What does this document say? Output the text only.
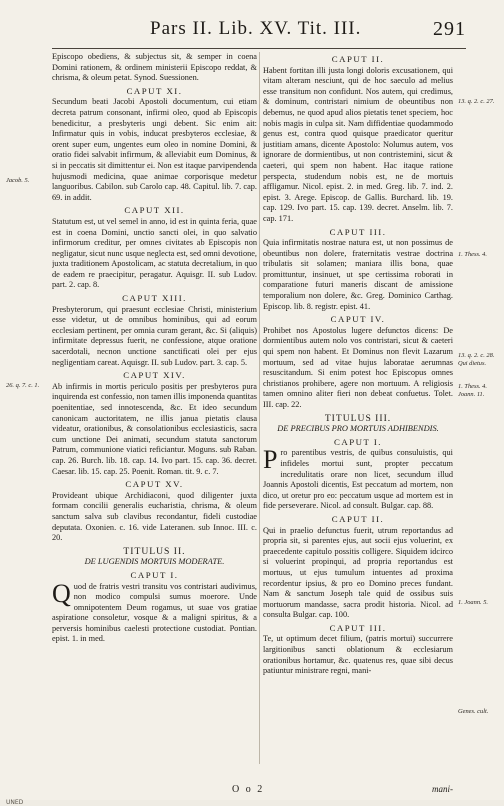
Pars II. Lib. XV. Tit. III.	291
Episcopo obediens, & subjectus sit, & semper in coena Domini rationem, & ordinem ministerii Episcopo reddat, & chrisma, & oleum petat. Synod. Suessionen.
CAPUT XI.
Secundum beati Jacobi Apostoli documentum, cui etiam decreta patrum consonant, infirmi oleo, quod ab Episcopis benedicitur, a presbyteris ungi debent. Sic enim ait: Infirmatur quis in vobis, inducat presbyteros ecclesiae, & orent super eum, ungentes eum oleo in nomine Domini, & oratio fidei salvabit infirmum, & alleviabit eum Dominus, & si in peccatis sit dimittentur ei. Non est itaque parvipendenda hujusmodi medicina, quae animae corporisque medetur languoribus. Cabilon. sub Carolo cap. 48. Capitul. lib. 7. cap. 69. in addit.
CAPUT XII.
Statutum est, ut vel semel in anno, id est in quinta feria, quae est in coena Domini, unctio sancti olei, in quo salvatio infirmorum creditur, per omnes civitates ab Episcopis non negligatur, sicut nunc usque neglecta est, sed omni devotione, juxta traditionem Apostolicam, ac statuta decretalium, in quo de eadem re praecipitur, peragatur. Aquisgr. II. sub Ludov. part. 2. cap. 8.
CAPUT XIII.
Presbyterorum, qui praesunt ecclesiae Christi, ministerium esse videtur, ut de omnibus hominibus, qui ad eorum ecclesiam pertinent, per omnia curam gerant, &c. Si (aliquis) infirmitate depressus fuerit, ne confessione, atque oratione sacerdotali, necnon unctione sanctificati olei per ejus negligentiam careat. Aquisgr. II. sub Ludov. part. 3. cap. 5.
CAPUT XIV.
Ab infirmis in mortis periculo positis per presbyteros pura inquirenda est confessio, non tamen illis imponenda quantitas poenitentiae, sed innotescenda, &c. Et ideo secundum canonicam auctoritatem, ne illis janua pietatis clausa videatur, orationibus, & consolationibus ecclesiasticis, sacra cum unctione Dei animati, secundum statuta sanctorum Patrum, communione viatici reficiantur. Moguns. sub Raban. cap. 26. Burch. lib. 18. cap. 14. Ivo part. 15. cap. 36. decret. Caesar. lib. 15. cap. 25. Poenit. Roman. tit. 9. c. 7.
CAPUT XV.
Provideant ubique Archidiaconi, quod diligenter juxta formam concilii generalis eucharistia, chrisma, & oleum sanctum salva sub clavibus recondantur, fideli custodiae deputata. Oxonien. c. 16. vide Lateranen. sub Innoc. III. c. 20.
TITULUS II.
DE LUGENDIS MORTUIS MODERATE.
CAPUT I.
Quod de fratris vestri transitu vos contristari audivimus, non modico compulsi sumus moerore. Unde omnipotentem Deum rogamus, ut suae vos gratiae aspiratione consoletur, vosque & a maligni spiritus, & a perversis hominibus caelesti protectione custodiat. Pontian. epist. 1. in med.
CAPUT II.
Habent fortitan illi justa longi doloris excusationem, qui vitam alteram nesciunt, qui de hoc saeculo ad melius esse transitum non confidunt. Nos autem, qui credimus, & dominum, contristari nimium de obeuntibus non debemus, ne quod apud alios pietatis tenet speciem, hoc nobis magis in culpa sit. Nam diffidentiae quodammodo genus est, contra quod quisque praedicator queritur justitiam amans, dicente Apostolo: Nolumus autem, vos ignorare de dormientibus, ut non contristemini, sicut & caeteri, qui spem non habent. Hac itaque ratione perspecta, studendum nobis est, ne de mortuis affligamur. Nicol. epist. 2. in med. Greg. lib. 7. ind. 2. epist. 3. Arege. Episcop. de Gallis. Burchard. lib. 19. cap. 129. Ivo part. 15. cap. 139. decret. Anselm. lib. 7. cap. 171.
CAPUT III.
Quia infirmitatis nostrae natura est, ut non possimus de obeuntibus non dolere, fraternitatis vestrae doctrina tribulatis sit solamen; maniara illis bona, quae promittuntur, insinuet, ut spe certissima roborati in comparatione futuri maneris discant de amissione temporalium non dolere, &c. Greg. Dominico Carthag. Episcop. lib. 8. registr. epist. 41.
CAPUT IV.
Prohibet nos Apostolus lugere defunctos dicens: De dormientibus autem nolo vos contristari, sicut & caeteri qui spem non habent. Et Dominus non flevit Lazarum mortuum, sed ad vitae hujus laboratae aerumnas resuscitandum. Si enim potest hoc Episcopus omnes christianos prohibere, agere non mortuum. A religiosis tamen omnino aliter fieri non debeat confuetus. Tolet. III. cap. 22.
TITULUS III.
DE PRECIBUS PRO MORTUIS ADHIBENDIS.
CAPUT I.
Pro parentibus vestris, de quibus consuluistis, qui infideles mortui sunt, propter peccatum incredulitatis orare non licet, secundum illud Joannis Apostoli dicentis, Est peccatum ad mortem, non dico, ut oretur pro eo: peccatum usque ad mortem est in fide perseverare. Nicol. ad consult. Bulgar. cap. 88.
CAPUT II.
Qui in praelio defunctus fuerit, utrum reportandus ad propria sit, si parentes ejus, aut socii ejus voluerint, ex praecedente capitulo possitis colligere. Siquidem idcirco si voluerint propinqui, ad propria reportandus est mortuus, ut ejus tumulum intuentes ad proxima recordentur ipsius, & pro eo Domino preces fundant. Nam & sanctum Joseph tale quid de ossibus suis mortuorum mandasse, sacra prodit historia. Nicol. ad consulta Bulgar. cap. 100.
CAPUT III.
Te, ut optimum decet filium, (patris mortui) succurrere largitionibus sancti oblationum & ecclesiarum orationibus hortamur, &c. quatenus res, quae sibi decus patiuntur ministrare regni, mani-
Jacob. 5.
26. q. 7. c. 1.
13. q. 2. c. 27.
1. Thess. 4.
13. q. 2. c. 28. Qui dietus.
1. Thess. 4. Joann. 11.
1. Joann. 5.
Genes. cult.
O o 2	mani-
UNED
